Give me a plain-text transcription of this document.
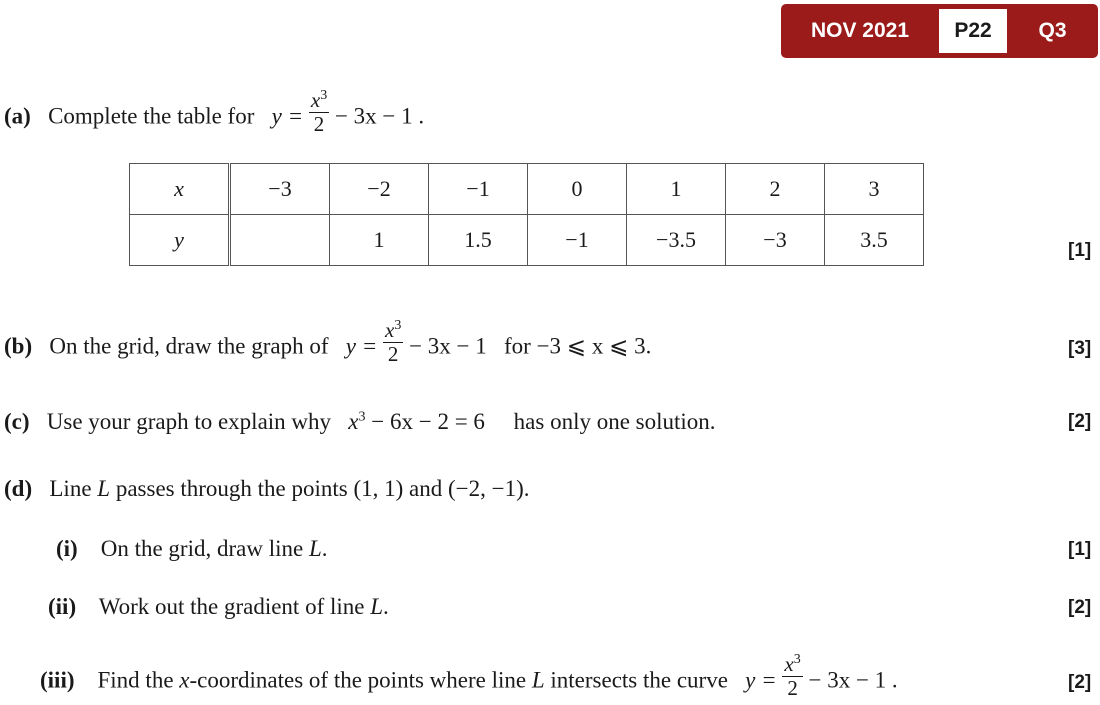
NOV 2021	P22	Q3
(a) Complete the table for $y = \frac{x^3}{2} - 3x - 1$ .
x	−3	−2	−1	0	1	2	3
y		1	1.5	−1	−3.5	−3	3.5	[1]
(b) On the grid, draw the graph of $y = \frac{x^3}{2} - 3x - 1$ for −3 ⩽ x ⩽ 3.	[3]
(c) Use your graph to explain why $x^3 - 6x - 2 = 6$ has only one solution.	[2]
(d) Line L passes through the points (1, 1) and (−2, −1).
(i) On the grid, draw line L.	[1]
(ii) Work out the gradient of line L.	[2]
(iii) Find the x-coordinates of the points where line L intersects the curve $y = \frac{x^3}{2} - 3x - 1$ .	[2]
